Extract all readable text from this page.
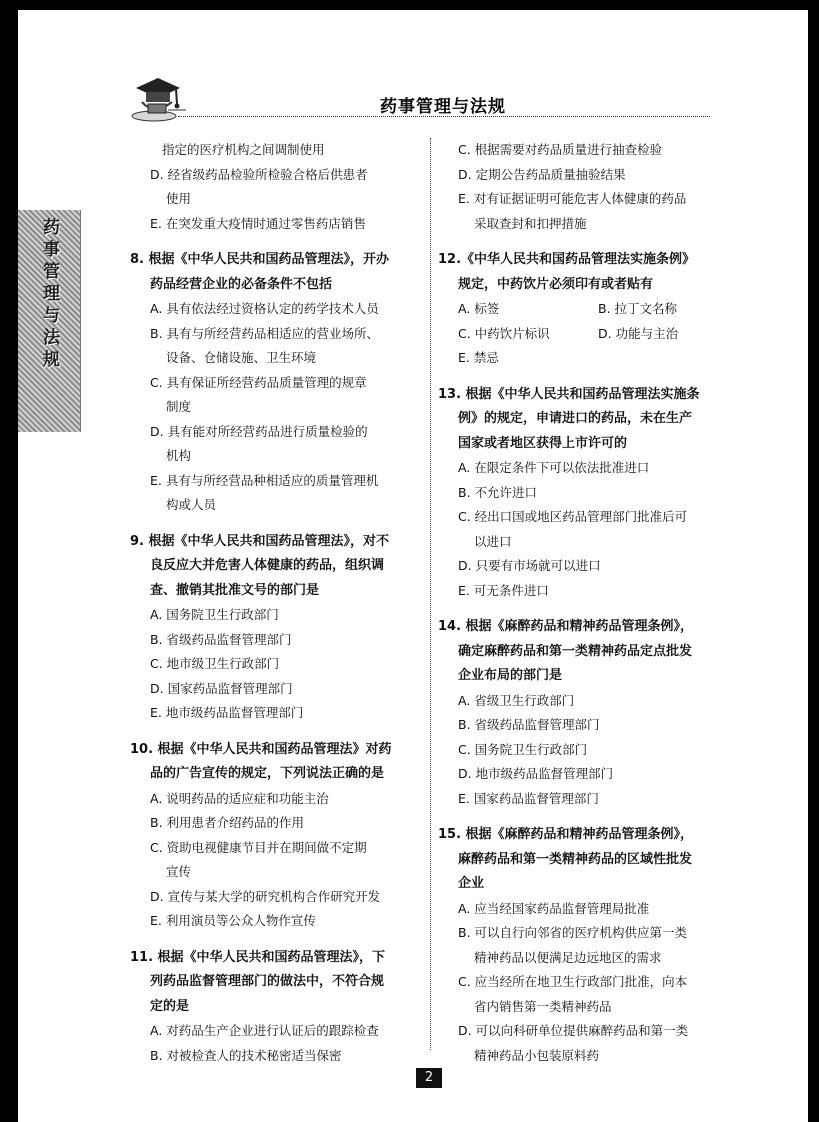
药事管理与法规
药事管理与法规
指定的医疗机构之间调制使用
D. 经省级药品检验所检验合格后供患者
使用
E. 在突发重大疫情时通过零售药店销售
8. 根据《中华人民共和国药品管理法》，开办
药品经营企业的必备条件不包括
A. 具有依法经过资格认定的药学技术人员
B. 具有与所经营药品相适应的营业场所、
设备、仓储设施、卫生环境
C. 具有保证所经营药品质量管理的规章
制度
D. 具有能对所经营药品进行质量检验的
机构
E. 具有与所经营品种相适应的质量管理机
构或人员
9. 根据《中华人民共和国药品管理法》，对不
良反应大并危害人体健康的药品，组织调
查、撤销其批准文号的部门是
A. 国务院卫生行政部门
B. 省级药品监督管理部门
C. 地市级卫生行政部门
D. 国家药品监督管理部门
E. 地市级药品监督管理部门
10. 根据《中华人民共和国药品管理法》对药
品的广告宣传的规定，下列说法正确的是
A. 说明药品的适应症和功能主治
B. 利用患者介绍药品的作用
C. 资助电视健康节目并在期间做不定期
宣传
D. 宣传与某大学的研究机构合作研究开发
E. 利用演员等公众人物作宣传
11. 根据《中华人民共和国药品管理法》，下
列药品监督管理部门的做法中，不符合规
定的是
A. 对药品生产企业进行认证后的跟踪检查
B. 对被检查人的技术秘密适当保密
C. 根据需要对药品质量进行抽查检验
D. 定期公告药品质量抽验结果
E. 对有证据证明可能危害人体健康的药品
采取查封和扣押措施
12.《中华人民共和国药品管理法实施条例》
规定，中药饮片必须印有或者贴有
A. 标签	B. 拉丁文名称
C. 中药饮片标识	D. 功能与主治
E. 禁忌
13. 根据《中华人民共和国药品管理法实施条
例》的规定，申请进口的药品，未在生产
国家或者地区获得上市许可的
A. 在限定条件下可以依法批准进口
B. 不允许进口
C. 经出口国或地区药品管理部门批准后可
以进口
D. 只要有市场就可以进口
E. 可无条件进口
14. 根据《麻醉药品和精神药品管理条例》，
确定麻醉药品和第一类精神药品定点批发
企业布局的部门是
A. 省级卫生行政部门
B. 省级药品监督管理部门
C. 国务院卫生行政部门
D. 地市级药品监督管理部门
E. 国家药品监督管理部门
15. 根据《麻醉药品和精神药品管理条例》，
麻醉药品和第一类精神药品的区域性批发
企业
A. 应当经国家药品监督管理局批准
B. 可以自行向邻省的医疗机构供应第一类
精神药品以便满足边远地区的需求
C. 应当经所在地卫生行政部门批准，向本
省内销售第一类精神药品
D. 可以向科研单位提供麻醉药品和第一类
精神药品小包装原料药
2
